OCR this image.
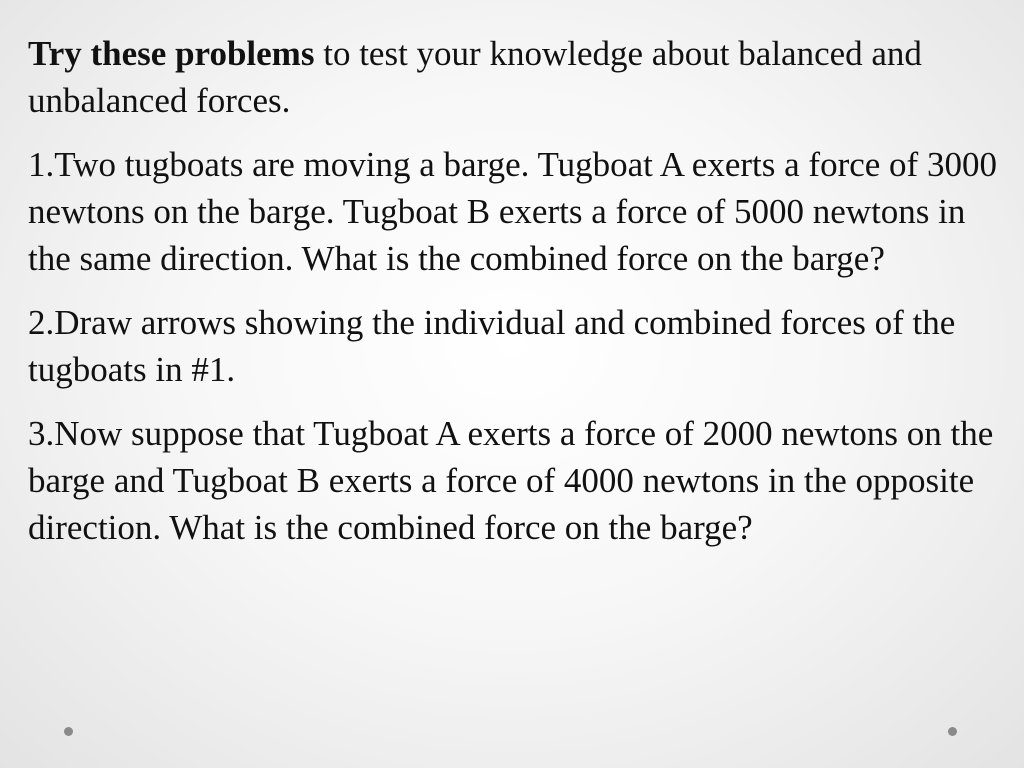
Try these problems to test your knowledge about balanced and unbalanced forces.

1.Two tugboats are moving a barge. Tugboat A exerts a force of 3000 newtons on the barge. Tugboat B exerts a force of 5000 newtons in the same direction. What is the combined force on the barge?

2.Draw arrows showing the individual and combined forces of the tugboats in #1.

3.Now suppose that Tugboat A exerts a force of 2000 newtons on the barge and Tugboat B exerts a force of 4000 newtons in the opposite direction. What is the combined force on the barge?
